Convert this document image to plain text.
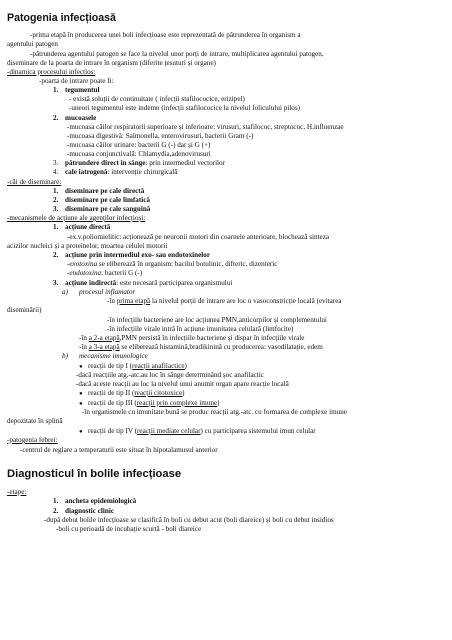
Patogenia infecțioasă
-prima etapă în producerea unei boli infecțioase este reprezentată de pătrunderea în organism a
agentului patogen
-pătrunderea agentului patogen se face la nivelul unor porți de intrare, multiplicarea agentului patogen,
diseminare de la poarta de intrare în organism (diferite țesuturi și organe)
-dinamica procesului infectios:
-poarta de intrare poate fi:
1. tegumentul
- există soluții de continuitate ( infecții stafilococice, erizipel)
-uneori tegumentul este indemn (infecții stafilococice la nivelul foliculului pilos)
2. mucoasele
-mucoasa căilor respiratorii superioare și inferioare: virusuri, stafilococ, streptococ, H.influenzae
-mucoasa digestivă: Salmonella, enterovirusuri, bacterii Gram (-)
-mucoasa căilor urinare: bacterii G (-) dar și G (+)
-mucoasa conjunctivală: Chlamydia,adenovirusuri
3. pătrundere direct în sânge: prin intermediul vectorilor
4. cale iatrogenă: intervenție chirurgicală
-căi de diseminare:
1. diseminare pe cale directă
2. diseminare pe cale limfatică
3. diseminare pe cale sanguină
-mecanismele de acțiune ale agenților infecțioși:
1. acțiune directă
-ex.v.poliomielitic: acționează pe neuronii motori din coarnele anterioare, blochează sinteza
acizilor nucleici și a proteinelor, moartea celulei motorii
2. acțiune prin intermediul exo- sau endotoxinelor
-exotoxina se eliberează în organism: bacilul botulinic, difteric, dizenteric
-endotoxina: bacterii G (-)
3. acțiune indirectă: este necesară participarea organismului
a) procesul inflamator
-în prima etapă la nivelul porții de intrare are loc o vasoconstricție locală (evitarea
diseminării)
-în infecțiile bacteriene are loc acțiunea PMN,anticorpilor și complementului
-în infecțiile virale intră în acțiune imunitatea celulară (limfocite)
-în a 2-a etapă,PMN persistă în infecțiile bacteriene și dispar în infecțiile virale
-în a 3-a etapă se eliberează histamină,bradikinină cu producerea: vasodilatație, edem
b) mecanisme imunologice
● reacții de tip I (reacții anafilactice)
-dacă reacțiile atg.-atc.au loc în sânge determinând șoc anafilactic
-dacă aceste reacții au loc la nivelul unui anumit organ apare reacție locală
● reacții de tip II (reacții citotoxice)
● reacții de tip III (reacții prin complexe imune)
-în organismele cu imunitate bună se produc reacții atg.-atc. cu formarea de complexe imune
depozitate în splină
● reacții de tip IV (reacții mediate celular) cu participarea sistemului imun celular
-patogenia febrei:
-centrul de reglare a temperaturii este situat în hipotalamusul anterior
Diagnosticul în bolile infecțioase
-etape:
1. ancheta epidemiologică
2. diagnostic clinic
-după debut bolile infecțioase se clasifică în boli cu debut acut (boli diareice) și boli cu debut insidios
-boli cu perioadă de incubație scurtă - boli diareice
